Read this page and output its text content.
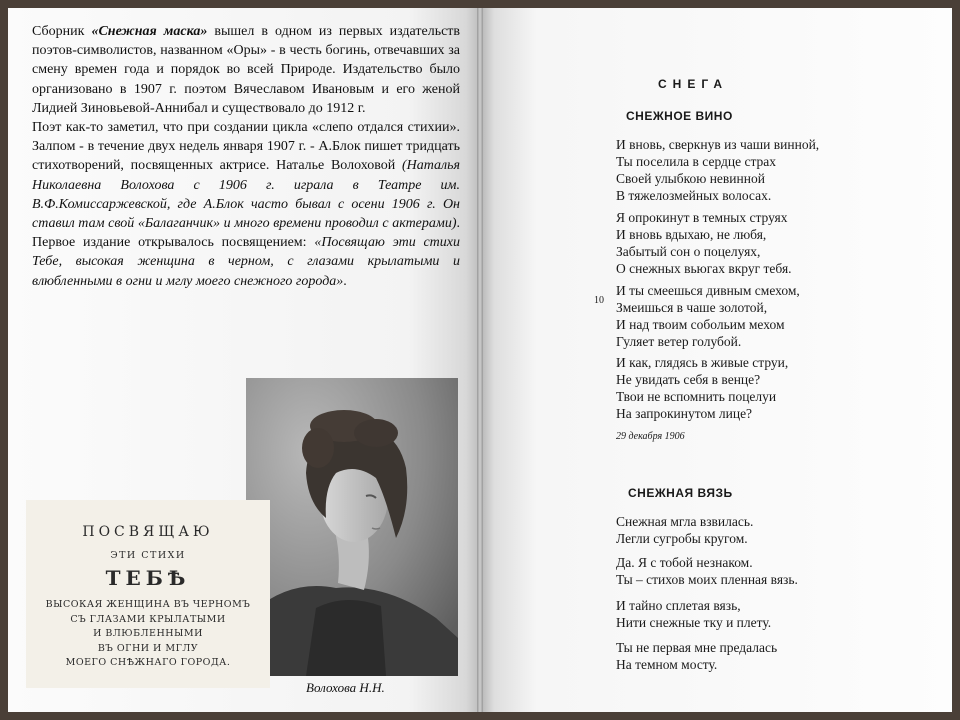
Сборник «Снежная маска» вышел в одном из первых издательств поэтов-символистов, названном «Оры» - в честь богинь, отвечавших за смену времен года и порядок во всей Природе. Издательство было организовано в 1907 г. поэтом Вячеславом Ивановым и его женой Лидией Зиновьевой-Аннибал и существовало до 1912 г.

Поэт как-то заметил, что при создании цикла «слепо отдался стихии». Залпом - в течение двух недель января 1907 г. - А.Блок пишет тридцать стихотворений, посвященных актрисе. Наталье Волоховой (Наталья Николаевна Волохова с 1906 г. играла в Театре им. В.Ф.Комиссаржевской, где А.Блок часто бывал с осени 1906 г. Он ставил там свой «Балаганчик» и много времени проводил с актерами). Первое издание открывалось посвящением: «Посвящаю эти стихи Тебе, высокая женщина в черном, с глазами крылатыми и влюбленными в огни и мглу моего снежного города».

Волохова Н.Н.
ПОСВЯЩАЮ
ЭТИ СТИХИ
ТЕБѢ
ВЫСОКАЯ ЖЕНЩИНА ВЪ ЧЕРНОМЪ
СЪ ГЛАЗАМИ КРЫЛАТЫМИ
И ВЛЮБЛЕННЫМИ
ВЪ ОГНИ И МГЛУ
МОЕГО СНѢЖНАГО ГОРОДА.
СНЕГА
10
СНЕЖНОЕ ВИНО
И вновь, сверкнув из чаши винной,
Ты поселила в сердце страх
Своей улыбкою невинной
В тяжелозмейных волосах.
Я опрокинут в темных струях
И вновь вдыхаю, не любя,
Забытый сон о поцелуях,
О снежных вьюгах вкруг тебя.
И ты смеешься дивным смехом,
Змеишься в чаше золотой,
И над твоим собольим мехом
Гуляет ветер голубой.
И как, глядясь в живые струи,
Не увидать себя в венце?
Твои не вспомнить поцелуи
На запрокинутом лице?
29 декабря 1906
СНЕЖНАЯ ВЯЗЬ
Снежная мгла взвилась.
Легли сугробы кругом.
Да. Я с тобой незнаком.
Ты – стихов моих пленная вязь.
И тайно сплетая вязь,
Нити снежные тку и плету.
Ты не первая мне предалась
На темном мосту.
